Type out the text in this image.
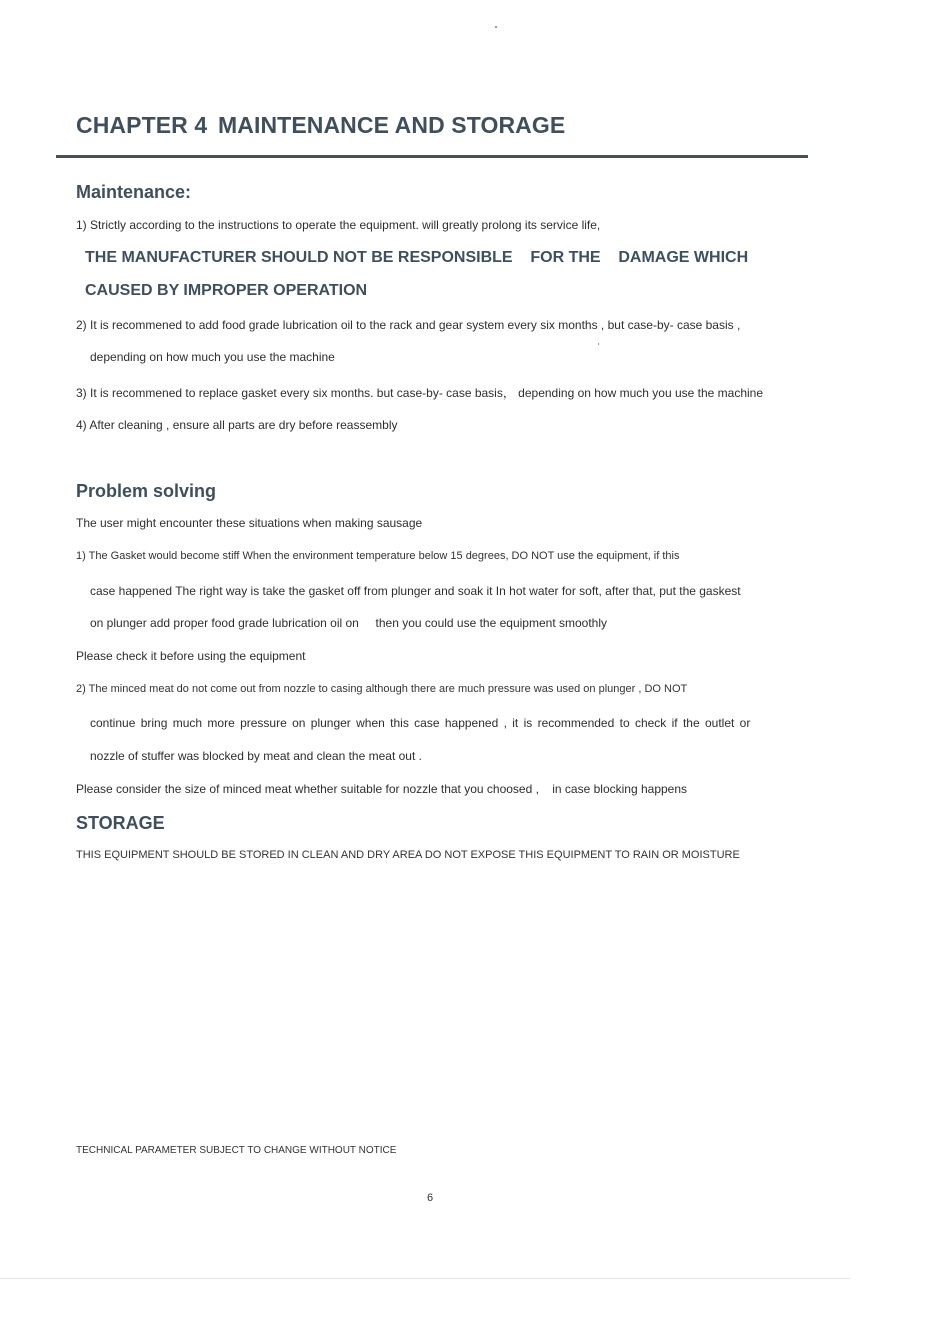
CHAPTER 4 MAINTENANCE AND STORAGE
Maintenance:
1) Strictly according to the instructions to operate the equipment. will greatly prolong its service life,
THE MANUFACTURER SHOULD NOT BE RESPONSIBLE    FOR THE    DAMAGE WHICH
CAUSED BY IMPROPER OPERATION
2) It is recommened to add food grade lubrication oil to the rack and gear system every six months , but case-by- case basis ,
depending on how much you use the machine
3) It is recommened to replace gasket every six months. but case-by- case basis， depending on how much you use the machine
4) After cleaning , ensure all parts are dry before reassembly
Problem solving
The user might encounter these situations when making sausage
1) The Gasket would become stiff When the environment temperature below 15 degrees, DO NOT use the equipment, if this
case happened The right way is take the gasket off from plunger and soak it In hot water for soft, after that, put the gaskest
on plunger add proper food grade lubrication oil on     then you could use the equipment smoothly
Please check it before using the equipment
2) The minced meat do not come out from nozzle to casing although there are much pressure was used on plunger , DO NOT
continue bring much more pressure on plunger when this case happened , it is recommended to check if the outlet or
nozzle of stuffer was blocked by meat and clean the meat out .
Please consider the size of minced meat whether suitable for nozzle that you choosed ,    in case blocking happens
STORAGE
THIS EQUIPMENT SHOULD BE STORED IN CLEAN AND DRY AREA DO NOT EXPOSE THIS EQUIPMENT TO RAIN OR MOISTURE
TECHNICAL PARAMETER SUBJECT TO CHANGE WITHOUT NOTICE
6
